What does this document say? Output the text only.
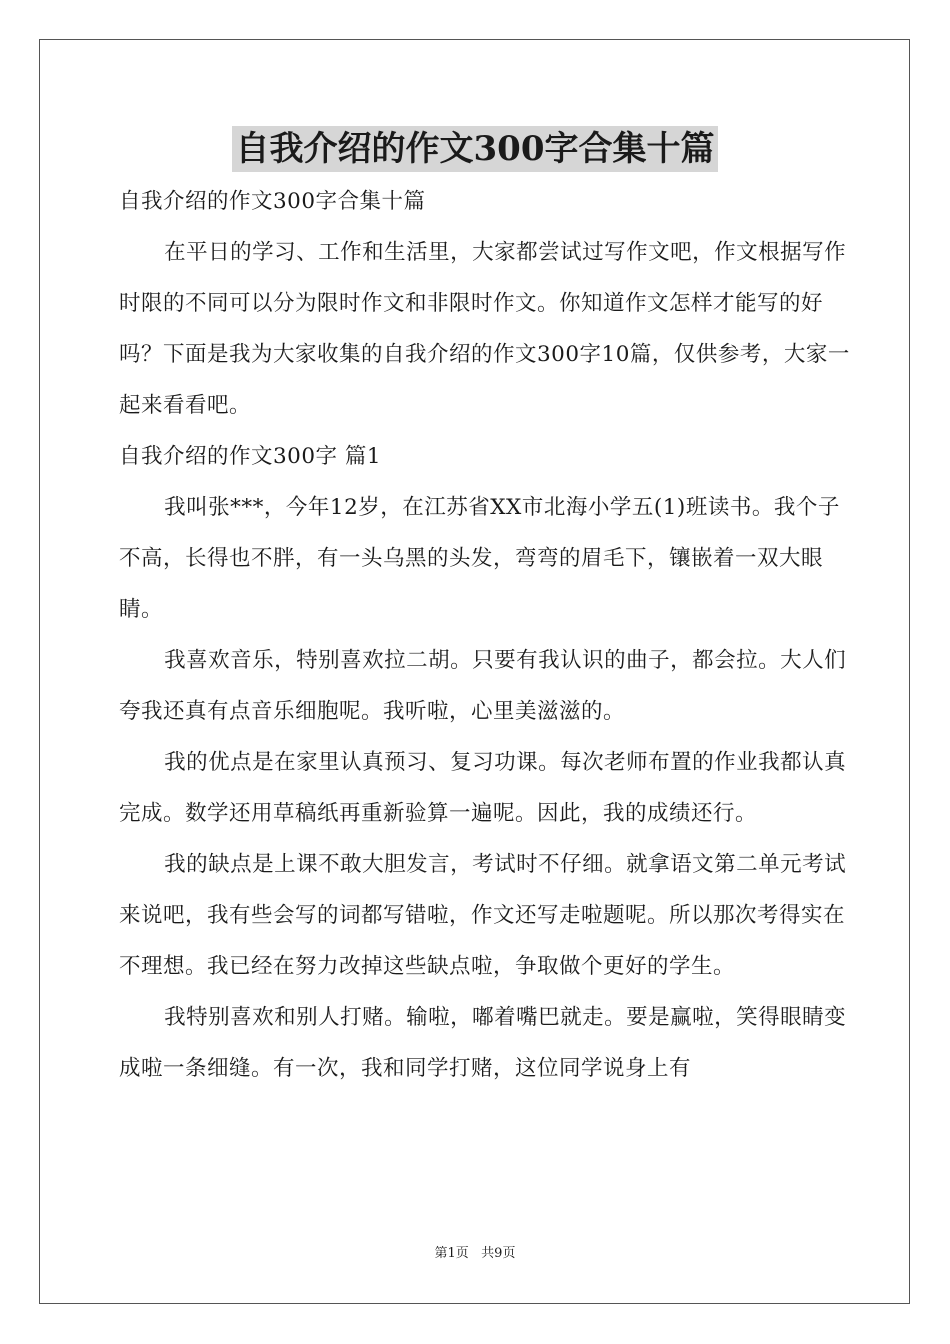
自我介绍的作文300字合集十篇

自我介绍的作文300字合集十篇

在平日的学习、工作和生活里，大家都尝试过写作文吧，作文根据写作时限的不同可以分为限时作文和非限时作文。你知道作文怎样才能写的好吗？下面是我为大家收集的自我介绍的作文300字10篇，仅供参考，大家一起来看看吧。

自我介绍的作文300字 篇1

我叫张***，今年12岁，在江苏省XX市北海小学五(1)班读书。我个子不高，长得也不胖，有一头乌黑的头发，弯弯的眉毛下，镶嵌着一双大眼睛。

我喜欢音乐，特别喜欢拉二胡。只要有我认识的曲子，都会拉。大人们夸我还真有点音乐细胞呢。我听啦，心里美滋滋的。

我的优点是在家里认真预习、复习功课。每次老师布置的作业我都认真完成。数学还用草稿纸再重新验算一遍呢。因此，我的成绩还行。

我的缺点是上课不敢大胆发言，考试时不仔细。就拿语文第二单元考试来说吧，我有些会写的词都写错啦，作文还写走啦题呢。所以那次考得实在不理想。我已经在努力改掉这些缺点啦，争取做个更好的学生。

我特别喜欢和别人打赌。输啦，嘟着嘴巴就走。要是赢啦，笑得眼睛变成啦一条细缝。有一次，我和同学打赌，这位同学说身上有

第1页   共9页
